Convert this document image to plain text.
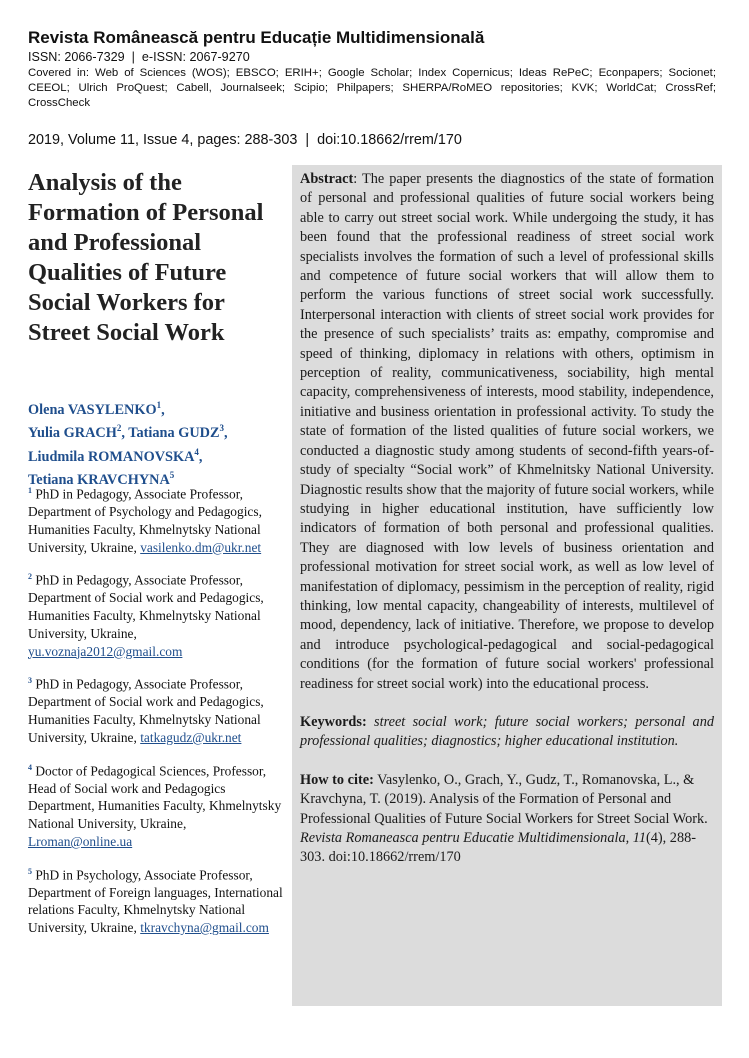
Revista Românească pentru Educație Multidimensională
ISSN: 2066-7329  |  e-ISSN: 2067-9270
Covered in: Web of Sciences (WOS); EBSCO; ERIH+; Google Scholar; Index Copernicus; Ideas RePeC; Econpapers; Socionet; CEEOL; Ulrich ProQuest; Cabell, Journalseek; Scipio; Philpapers; SHERPA/RoMEO repositories; KVK; WorldCat; CrossRef; CrossCheck
2019, Volume 11, Issue 4, pages: 288-303  |  doi:10.18662/rrem/170
Analysis of the Formation of Personal and Professional Qualities of Future Social Workers for Street Social Work
Olena VASYLENKO$^1$,
Yulia GRACH$^2$, Tatiana GUDZ$^3$,
Liudmila ROMANOVSKA$^4$,
Tetiana KRAVCHYNA$^5$
$^1$ PhD in Pedagogy, Associate Professor, Department of Psychology and Pedagogics, Humanities Faculty, Khmelnytsky National University, Ukraine, vasilenko.dm@ukr.net
$^2$ PhD in Pedagogy, Associate Professor, Department of Social work and Pedagogics, Humanities Faculty, Khmelnytsky National University, Ukraine, yu.voznaja2012@gmail.com
$^3$ PhD in Pedagogy, Associate Professor, Department of Social work and Pedagogics, Humanities Faculty, Khmelnytsky National University, Ukraine, tatkagudz@ukr.net
$^4$ Doctor of Pedagogical Sciences, Professor, Head of Social work and Pedagogics Department, Humanities Faculty, Khmelnytsky National University, Ukraine, Lroman@online.ua
$^5$ PhD in Psychology, Associate Professor, Department of Foreign languages, International relations Faculty, Khmelnytsky National University, Ukraine, tkravchyna@gmail.com

Abstract: The paper presents the diagnostics of the state of formation of personal and professional qualities of future social workers being able to carry out street social work. While undergoing the study, it has been found that the professional readiness of street social work specialists involves the formation of such a level of professional skills and competence of future social workers that will allow them to perform the various functions of street social work successfully. Interpersonal interaction with clients of street social work provides for the presence of such specialists’ traits as: empathy, compromise and speed of thinking, diplomacy in relations with others, optimism in perception of reality, communicativeness, sociability, high mental capacity, comprehensiveness of interests, mood stability, independence, initiative and business orientation in professional activity. To study the state of formation of the listed qualities of future social workers, we conducted a diagnostic study among students of second-fifth years-of-study of specialty “Social work” of Khmelnitsky National University. Diagnostic results show that the majority of future social workers, while studying in higher educational institution, have sufficiently low indicators of formation of both personal and professional qualities. They are diagnosed with low levels of business orientation and professional motivation for street social work, as well as low level of manifestation of diplomacy, pessimism in the perception of reality, rigid thinking, low mental capacity, changeability of interests, multilevel of mood, dependency, lack of initiative. Therefore, we propose to develop and introduce psychological-pedagogical and social-pedagogical conditions (for the formation of future social workers' professional readiness for street social work) into the educational process.

Keywords: street social work; future social workers; personal and professional qualities; diagnostics; higher educational institution.

How to cite: Vasylenko, O., Grach, Y., Gudz, T., Romanovska, L., & Kravchyna, T. (2019). Analysis of the Formation of Personal and Professional Qualities of Future Social Workers for Street Social Work. Revista Romaneasca pentru Educatie Multidimensionala, 11(4), 288-303. doi:10.18662/rrem/170
